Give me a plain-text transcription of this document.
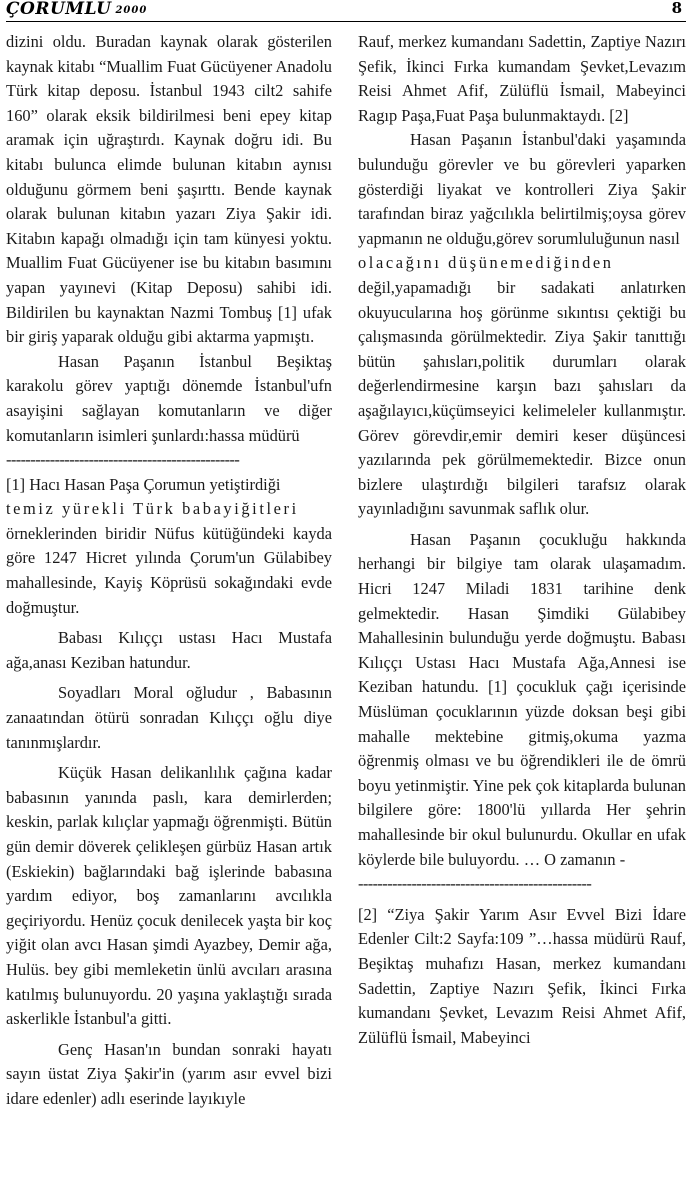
ÇORUMLU 2000	8

dizini oldu. Buradan kaynak olarak gösterilen kaynak kitabı “Muallim Fuat Gücüyener Anadolu Türk kitap deposu. İstanbul 1943 cilt2 sahife 160” olarak eksik bildirilmesi beni epey kitap aramak için uğraştırdı. Kaynak doğru idi. Bu kitabı bulunca elimde bulunan kitabın aynısı olduğunu görmem beni şaşırttı. Bende kaynak olarak bulunan kitabın yazarı Ziya Şakir idi. Kitabın kapağı olmadığı için tam künyesi yoktu. Muallim Fuat Gücüyener ise bu kitabın basımını yapan yayınevi (Kitap Deposu) sahibi idi. Bildirilen bu kaynaktan Nazmi Tombuş [1] ufak bir giriş yaparak olduğu gibi aktarma yapmıştı.

Hasan Paşanın İstanbul Beşiktaş karakolu görev yaptığı dönemde İstanbul'ufn asayişini sağlayan komutanların ve diğer komutanların isimleri şunlardı:hassa müdürü

------------------------------------------------

[1] Hacı Hasan Paşa Çorumun yetiştirdiği

temiz yürekli Türk babayiğitleri

örneklerinden biridir Nüfus kütüğündeki kayda göre 1247 Hicret yılında Çorum'un Gülabibey mahallesinde, Kayiş Köprüsü sokağındaki evde doğmuştur.

Babası Kılıççı ustası Hacı Mustafa ağa,anası Keziban hatundur.

Soyadları Moral oğludur , Babasının zanaatından ötürü sonradan Kılıççı oğlu diye tanınmışlardır.

Küçük Hasan delikanlılık çağına kadar babasının yanında paslı, kara demirlerden; keskin, parlak kılıçlar yapmağı öğrenmişti. Bütün gün demir döverek çelikleşen gürbüz Hasan artık (Eskiekin) bağlarındaki bağ işlerinde babasına yardım ediyor, boş zamanlarını avcılıkla geçiriyordu. Henüz çocuk denilecek yaşta bir koç yiğit olan avcı Hasan şimdi Ayazbey, Demir ağa, Hulüs. bey gibi memleketin ünlü avcıları arasına katılmış bulunuyordu. 20 yaşına yaklaştığı sırada askerlikle İstanbul'a gitti.

Genç Hasan'ın bundan sonraki hayatı sayın üstat Ziya Şakir'in (yarım asır evvel bizi idare edenler) adlı eserinde layıkıyle

Rauf, merkez kumandanı Sadettin, Zaptiye Nazırı Şefik, İkinci Fırka kumandam Şevket,Levazım Reisi Ahmet Afif, Zülüflü İsmail, Mabeyinci Ragıp Paşa,Fuat Paşa bulunmaktaydı. [2]

Hasan Paşanın İstanbul'daki yaşamında bulunduğu görevler ve bu görevleri yaparken gösterdiği liyakat ve kontrolleri Ziya Şakir tarafından biraz yağcılıkla belirtilmiş;oysa görev yapmanın ne olduğu,görev sorumluluğunun nasıl

olacağını düşünemediğinden

değil,yapamadığı bir sadakati anlatırken okuyucularına hoş görünme sıkıntısı çektiği bu çalışmasında görülmektedir. Ziya Şakir tanıttığı bütün şahısları,politik durumları olarak değerlendirmesine karşın bazı şahısları da aşağılayıcı,küçümseyici kelimeleler kullanmıştır. Görev görevdir,emir demiri keser düşüncesi yazılarında pek görülmemektedir. Bizce onun bizlere ulaştırdığı bilgileri tarafsız olarak yayınladığını savunmak saflık olur.

Hasan Paşanın çocukluğu hakkında herhangi bir bilgiye tam olarak ulaşamadım. Hicri 1247 Miladi 1831 tarihine denk gelmektedir. Hasan Şimdiki Gülabibey Mahallesinin bulunduğu yerde doğmuştu. Babası Kılıççı Ustası Hacı Mustafa Ağa,Annesi ise Keziban hatundu. [1] çocukluk çağı içerisinde Müslüman çocuklarının yüzde doksan beşi gibi mahalle mektebine gitmiş,okuma yazma öğrenmiş olması ve bu öğrendikleri ile de ömrü boyu yetinmiştir. Yine pek çok kitaplarda bulunan bilgilere göre: 1800'lü yıllarda Her şehrin mahallesinde bir okul bulunurdu. Okullar en ufak köylerde bile buluyordu. … O zamanın -

------------------------------------------------

[2] “Ziya Şakir Yarım Asır Evvel Bizi İdare Edenler Cilt:2 Sayfa:109 ”…hassa müdürü Rauf, Beşiktaş muhafızı Hasan, merkez kumandanı Sadettin, Zaptiye Nazırı Şefik, İkinci Fırka kumandanı Şevket, Levazım Reisi Ahmet Afif, Zülüflü İsmail, Mabeyinci
